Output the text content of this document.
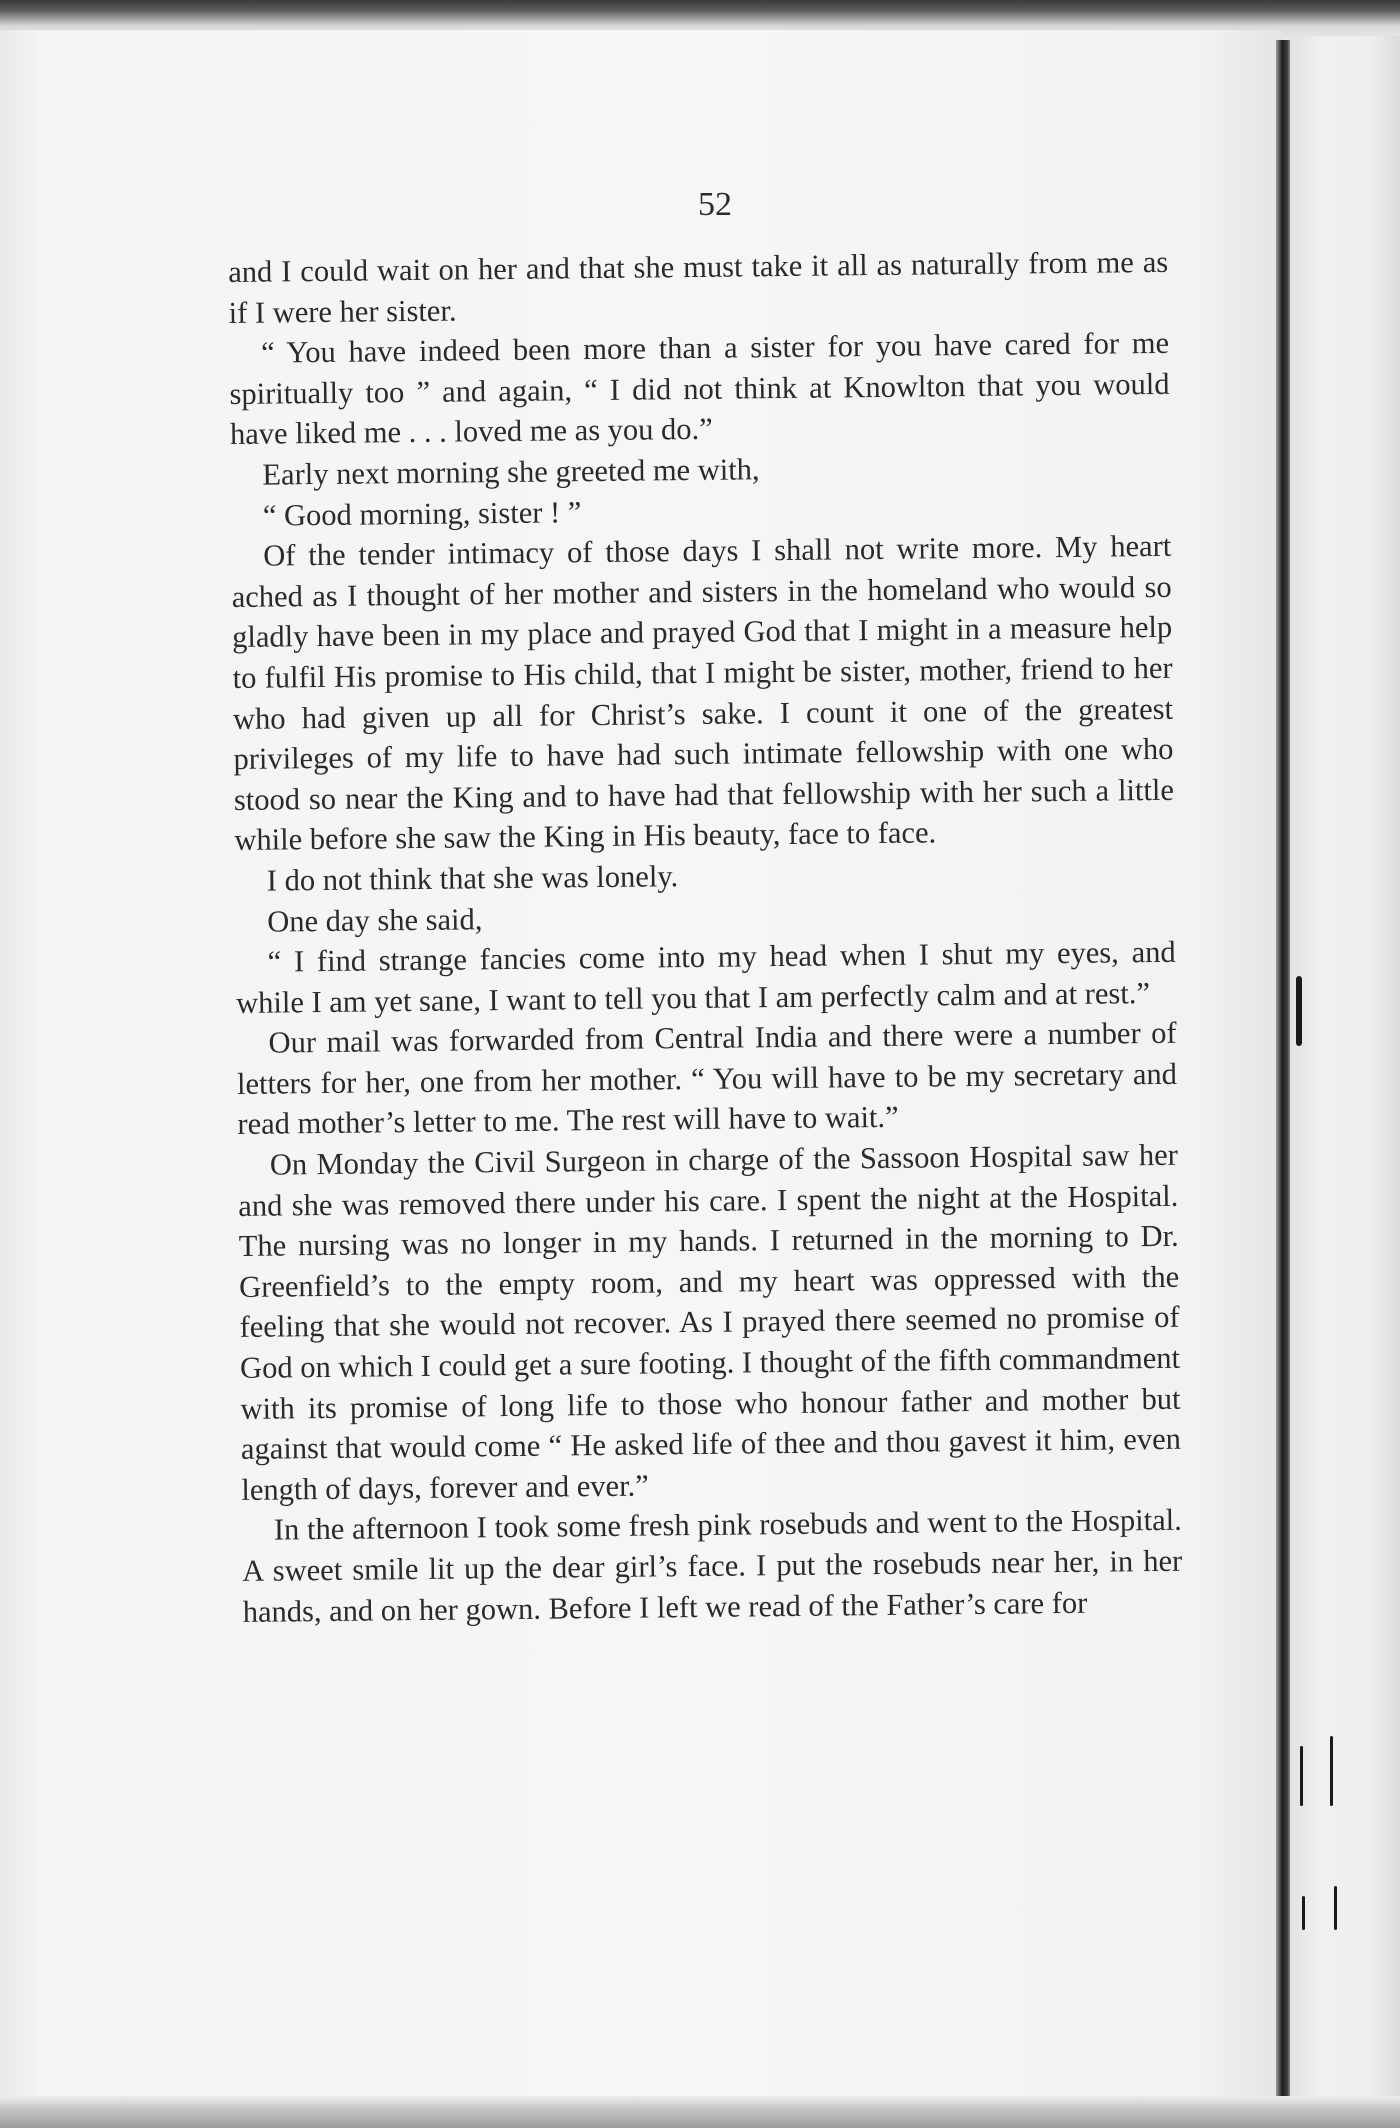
52

and I could wait on her and that she must take it all as naturally from me as if I were her sister.

“ You have indeed been more than a sister for you have cared for me spiritually too ” and again, “ I did not think at Knowlton that you would have liked me . . . loved me as you do.”

Early next morning she greeted me with,

“ Good morning, sister ! ”

Of the tender intimacy of those days I shall not write more. My heart ached as I thought of her mother and sisters in the homeland who would so gladly have been in my place and prayed God that I might in a measure help to fulfil His promise to His child, that I might be sister, mother, friend to her who had given up all for Christ’s sake. I count it one of the greatest privileges of my life to have had such intimate fellowship with one who stood so near the King and to have had that fellowship with her such a little while before she saw the King in His beauty, face to face.

I do not think that she was lonely.

One day she said,

“ I find strange fancies come into my head when I shut my eyes, and while I am yet sane, I want to tell you that I am perfectly calm and at rest.”

Our mail was forwarded from Central India and there were a number of letters for her, one from her mother. “ You will have to be my secretary and read mother’s letter to me. The rest will have to wait.”

On Monday the Civil Surgeon in charge of the Sassoon Hospital saw her and she was removed there under his care. I spent the night at the Hospital. The nursing was no longer in my hands. I returned in the morning to Dr. Greenfield’s to the empty room, and my heart was oppressed with the feeling that she would not recover. As I prayed there seemed no promise of God on which I could get a sure footing. I thought of the fifth commandment with its promise of long life to those who honour father and mother but against that would come “ He asked life of thee and thou gavest it him, even length of days, forever and ever.”

In the afternoon I took some fresh pink rosebuds and went to the Hospital. A sweet smile lit up the dear girl’s face. I put the rosebuds near her, in her hands, and on her gown. Before I left we read of the Father’s care for
